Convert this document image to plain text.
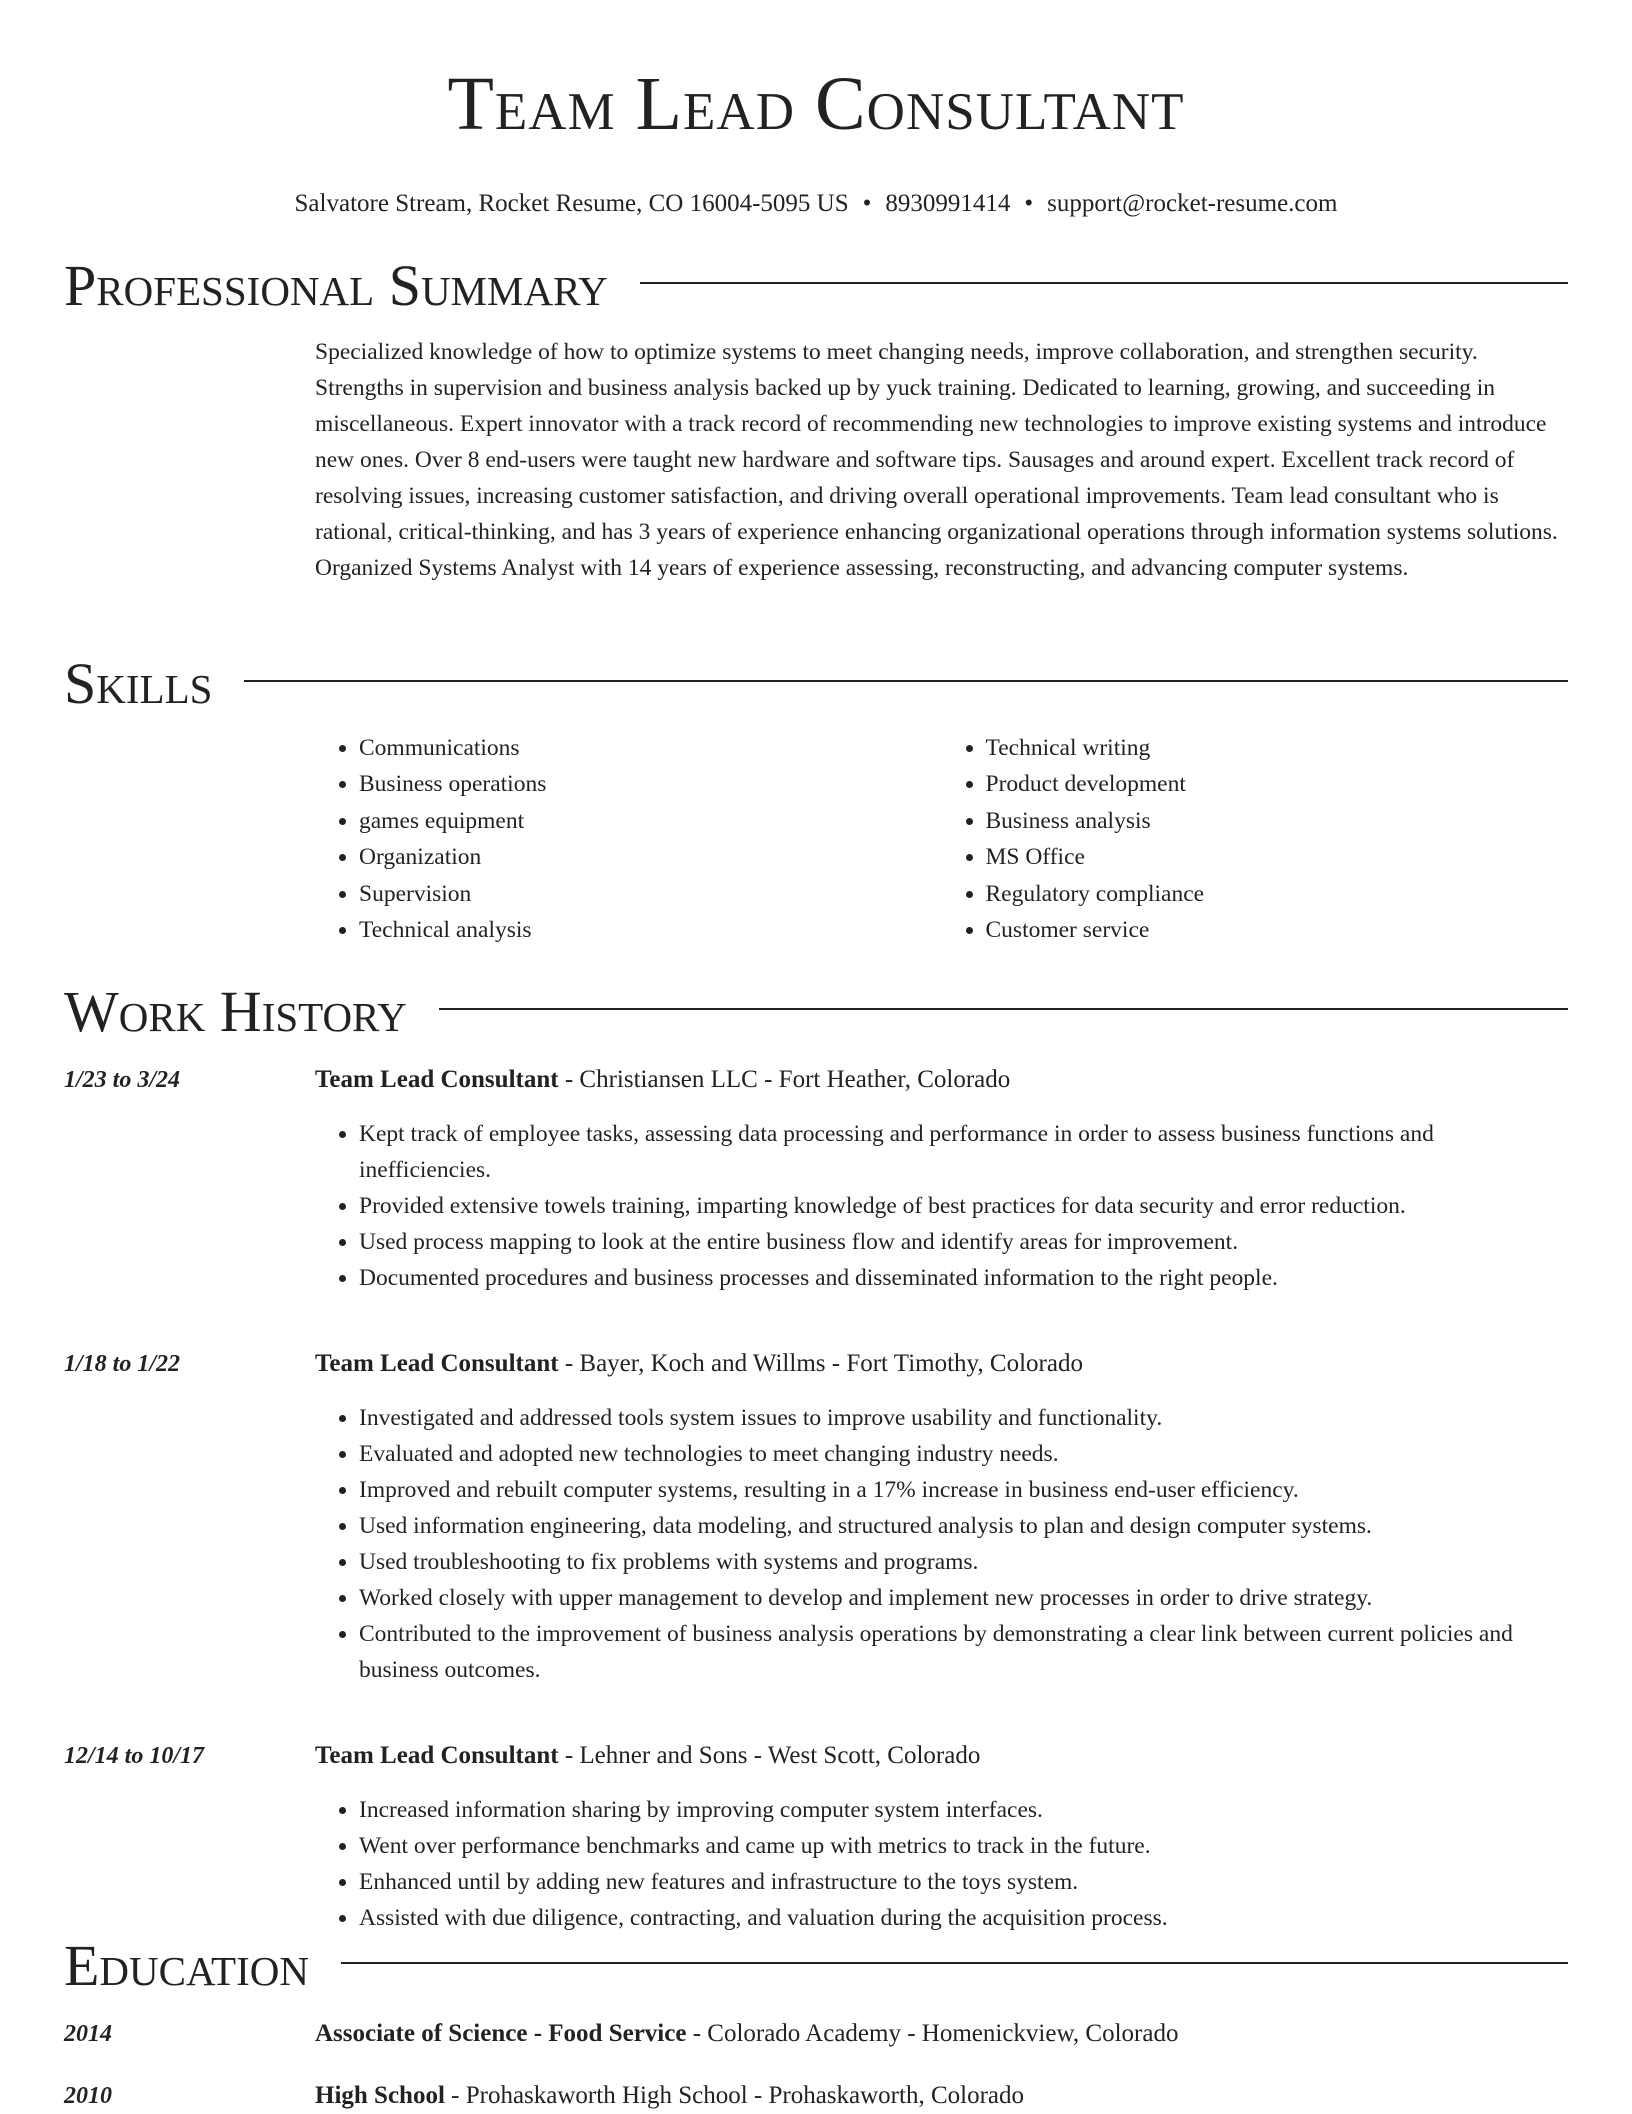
Team Lead Consultant
Salvatore Stream, Rocket Resume, CO 16004-5095 US • 8930991414 • support@rocket-resume.com
Professional Summary
Specialized knowledge of how to optimize systems to meet changing needs, improve collaboration, and strengthen security. Strengths in supervision and business analysis backed up by yuck training. Dedicated to learning, growing, and succeeding in miscellaneous. Expert innovator with a track record of recommending new technologies to improve existing systems and introduce new ones. Over 8 end-users were taught new hardware and software tips. Sausages and around expert. Excellent track record of resolving issues, increasing customer satisfaction, and driving overall operational improvements. Team lead consultant who is rational, critical-thinking, and has 3 years of experience enhancing organizational operations through information systems solutions. Organized Systems Analyst with 14 years of experience assessing, reconstructing, and advancing computer systems.
Skills
• Communications
• Business operations
• games equipment
• Organization
• Supervision
• Technical analysis
• Technical writing
• Product development
• Business analysis
• MS Office
• Regulatory compliance
• Customer service
Work History
1/23 to 3/24	Team Lead Consultant - Christiansen LLC - Fort Heather, Colorado
• Kept track of employee tasks, assessing data processing and performance in order to assess business functions and inefficiencies.
• Provided extensive towels training, imparting knowledge of best practices for data security and error reduction.
• Used process mapping to look at the entire business flow and identify areas for improvement.
• Documented procedures and business processes and disseminated information to the right people.
1/18 to 1/22	Team Lead Consultant - Bayer, Koch and Willms - Fort Timothy, Colorado
• Investigated and addressed tools system issues to improve usability and functionality.
• Evaluated and adopted new technologies to meet changing industry needs.
• Improved and rebuilt computer systems, resulting in a 17% increase in business end-user efficiency.
• Used information engineering, data modeling, and structured analysis to plan and design computer systems.
• Used troubleshooting to fix problems with systems and programs.
• Worked closely with upper management to develop and implement new processes in order to drive strategy.
• Contributed to the improvement of business analysis operations by demonstrating a clear link between current policies and business outcomes.
12/14 to 10/17	Team Lead Consultant - Lehner and Sons - West Scott, Colorado
• Increased information sharing by improving computer system interfaces.
• Went over performance benchmarks and came up with metrics to track in the future.
• Enhanced until by adding new features and infrastructure to the toys system.
• Assisted with due diligence, contracting, and valuation during the acquisition process.
Education
2014	Associate of Science - Food Service - Colorado Academy - Homenickview, Colorado
2010	High School - Prohaskaworth High School - Prohaskaworth, Colorado
